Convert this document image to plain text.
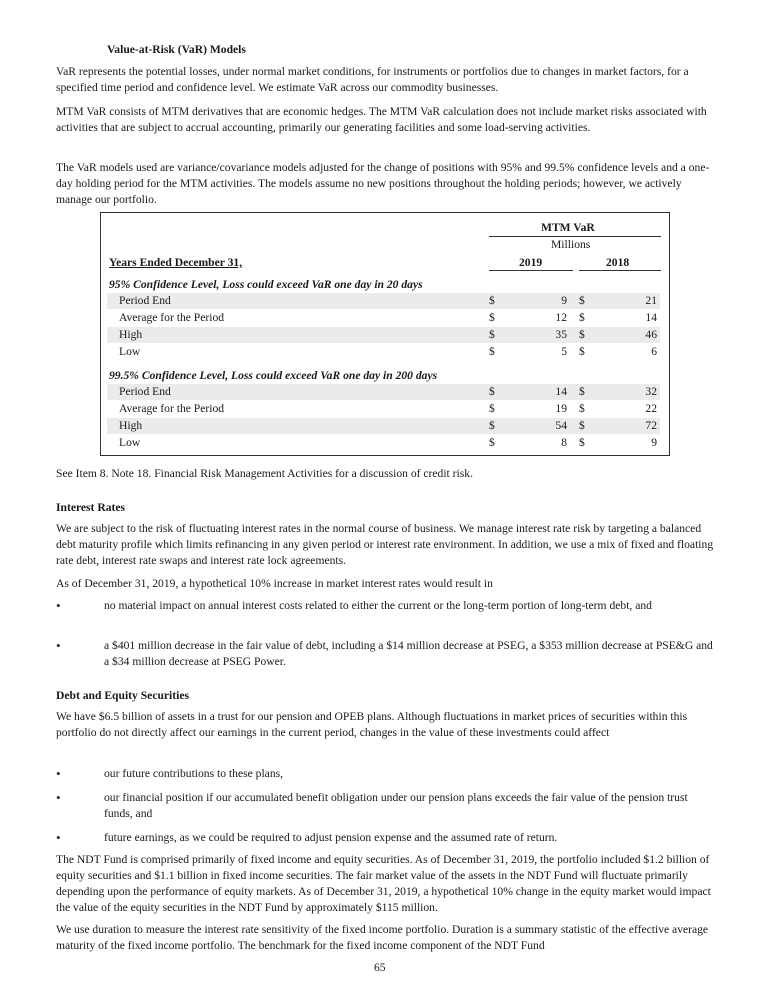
Value-at-Risk (VaR) Models

VaR represents the potential losses, under normal market conditions, for instruments or portfolios due to changes in market factors, for a specified time period and confidence level. We estimate VaR across our commodity businesses.

MTM VaR consists of MTM derivatives that are economic hedges. The MTM VaR calculation does not include market risks associated with activities that are subject to accrual accounting, primarily our generating facilities and some load-serving activities.

The VaR models used are variance/covariance models adjusted for the change of positions with 95% and 99.5% confidence levels and a one-day holding period for the MTM activities. The models assume no new positions throughout the holding periods; however, we actively manage our portfolio.

MTM VaR
Millions
Years Ended December 31,	2019	2018
95% Confidence Level, Loss could exceed VaR one day in 20 days
Period End	$	9 $	21
Average for the Period	$	12 $	14
High	$	35 $	46
Low	$	5 $	6
99.5% Confidence Level, Loss could exceed VaR one day in 200 days
Period End	$	14 $	32
Average for the Period	$	19 $	22
High	$	54 $	72
Low	$	8 $	9

See Item 8. Note 18. Financial Risk Management Activities for a discussion of credit risk.

Interest Rates

We are subject to the risk of fluctuating interest rates in the normal course of business. We manage interest rate risk by targeting a balanced debt maturity profile which limits refinancing in any given period or interest rate environment. In addition, we use a mix of fixed and floating rate debt, interest rate swaps and interest rate lock agreements.

As of December 31, 2019, a hypothetical 10% increase in market interest rates would result in

•	no material impact on annual interest costs related to either the current or the long-term portion of long-term debt, and

•	a $401 million decrease in the fair value of debt, including a $14 million decrease at PSEG, a $353 million decrease at PSE&G and a $34 million decrease at PSEG Power.

Debt and Equity Securities

We have $6.5 billion of assets in a trust for our pension and OPEB plans. Although fluctuations in market prices of securities within this portfolio do not directly affect our earnings in the current period, changes in the value of these investments could affect

•	our future contributions to these plans,

•	our financial position if our accumulated benefit obligation under our pension plans exceeds the fair value of the pension trust funds, and

•	future earnings, as we could be required to adjust pension expense and the assumed rate of return.

The NDT Fund is comprised primarily of fixed income and equity securities. As of December 31, 2019, the portfolio included $1.2 billion of equity securities and $1.1 billion in fixed income securities. The fair market value of the assets in the NDT Fund will fluctuate primarily depending upon the performance of equity markets. As of December 31, 2019, a hypothetical 10% change in the equity market would impact the value of the equity securities in the NDT Fund by approximately $115 million.

We use duration to measure the interest rate sensitivity of the fixed income portfolio. Duration is a summary statistic of the effective average maturity of the fixed income portfolio. The benchmark for the fixed income component of the NDT Fund

65
